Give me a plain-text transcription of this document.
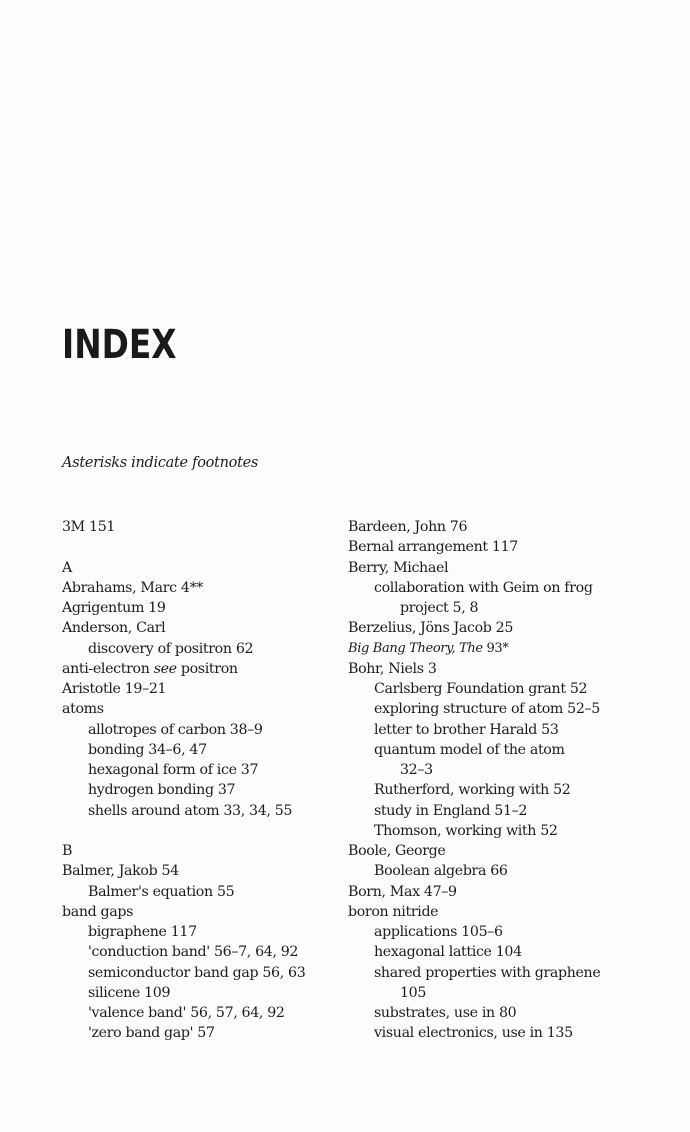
INDEX
Asterisks indicate footnotes
3M 151
A
Abrahams, Marc 4**
Agrigentum 19
Anderson, Carl
discovery of positron 62
anti-electron see positron
Aristotle 19–21
atoms
allotropes of carbon 38–9
bonding 34–6, 47
hexagonal form of ice 37
hydrogen bonding 37
shells around atom 33, 34, 55
B
Balmer, Jakob 54
Balmer's equation 55
band gaps
bigraphene 117
'conduction band' 56–7, 64, 92
semiconductor band gap 56, 63
silicene 109
'valence band' 56, 57, 64, 92
'zero band gap' 57
Bardeen, John 76
Bernal arrangement 117
Berry, Michael
collaboration with Geim on frog
project 5, 8
Berzelius, Jöns Jacob 25
Big Bang Theory, The 93*
Bohr, Niels 3
Carlsberg Foundation grant 52
exploring structure of atom 52–5
letter to brother Harald 53
quantum model of the atom
32–3
Rutherford, working with 52
study in England 51–2
Thomson, working with 52
Boole, George
Boolean algebra 66
Born, Max 47–9
boron nitride
applications 105–6
hexagonal lattice 104
shared properties with graphene
105
substrates, use in 80
visual electronics, use in 135
